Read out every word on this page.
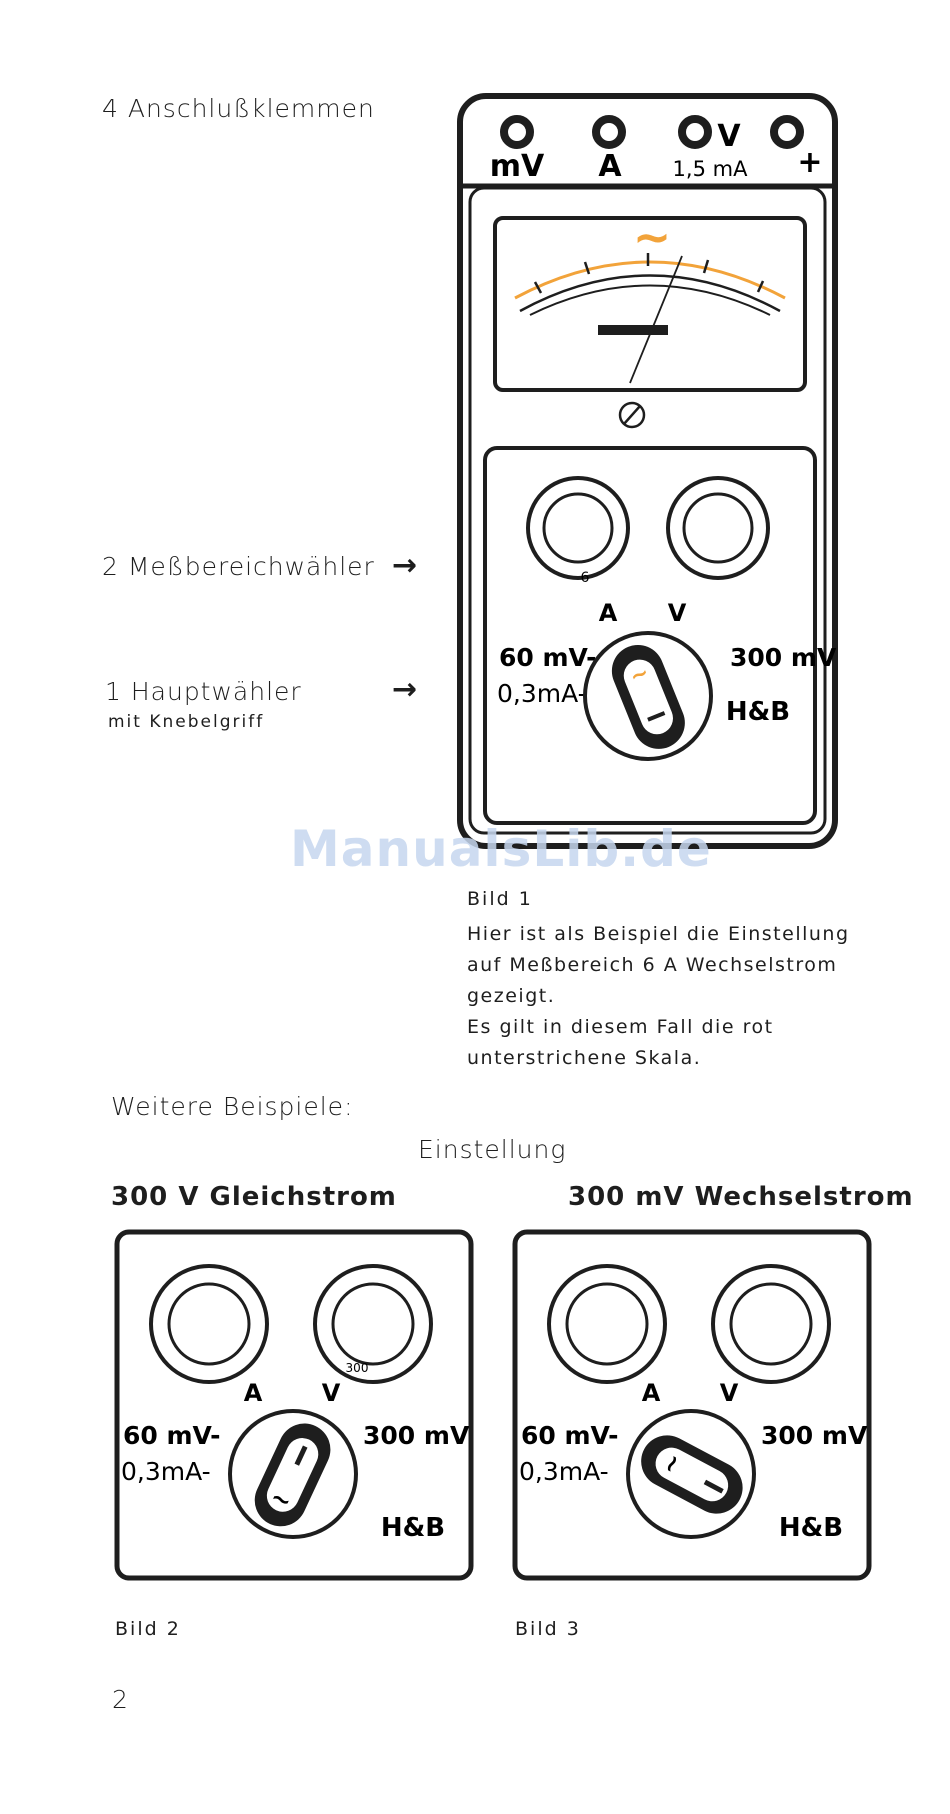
4 Anschlußklemmen
2 Meßbereichwähler →
1 Hauptwähler
mit Knebelgriff
→
mV A
V
1,5 mA +
~
6
A V
60 mV-
0,3mA-
300 mV
~
H&B
ManualsLib.de
Bild 1
Hier ist als Beispiel die Einstellung auf Meßbereich 6 A Wechselstrom gezeigt.
Es gilt in diesem Fall die rot unterstrichene Skala.
Weitere Beispiele:
Einstellung
300 V Gleichstrom	300 mV Wechselstrom
300
A V
60 mV-
0,3mA-
300 mV
~
H&B
Bild 2
A V
60 mV-
0,3mA-
300 mV
~
H&B
Bild 3
2
